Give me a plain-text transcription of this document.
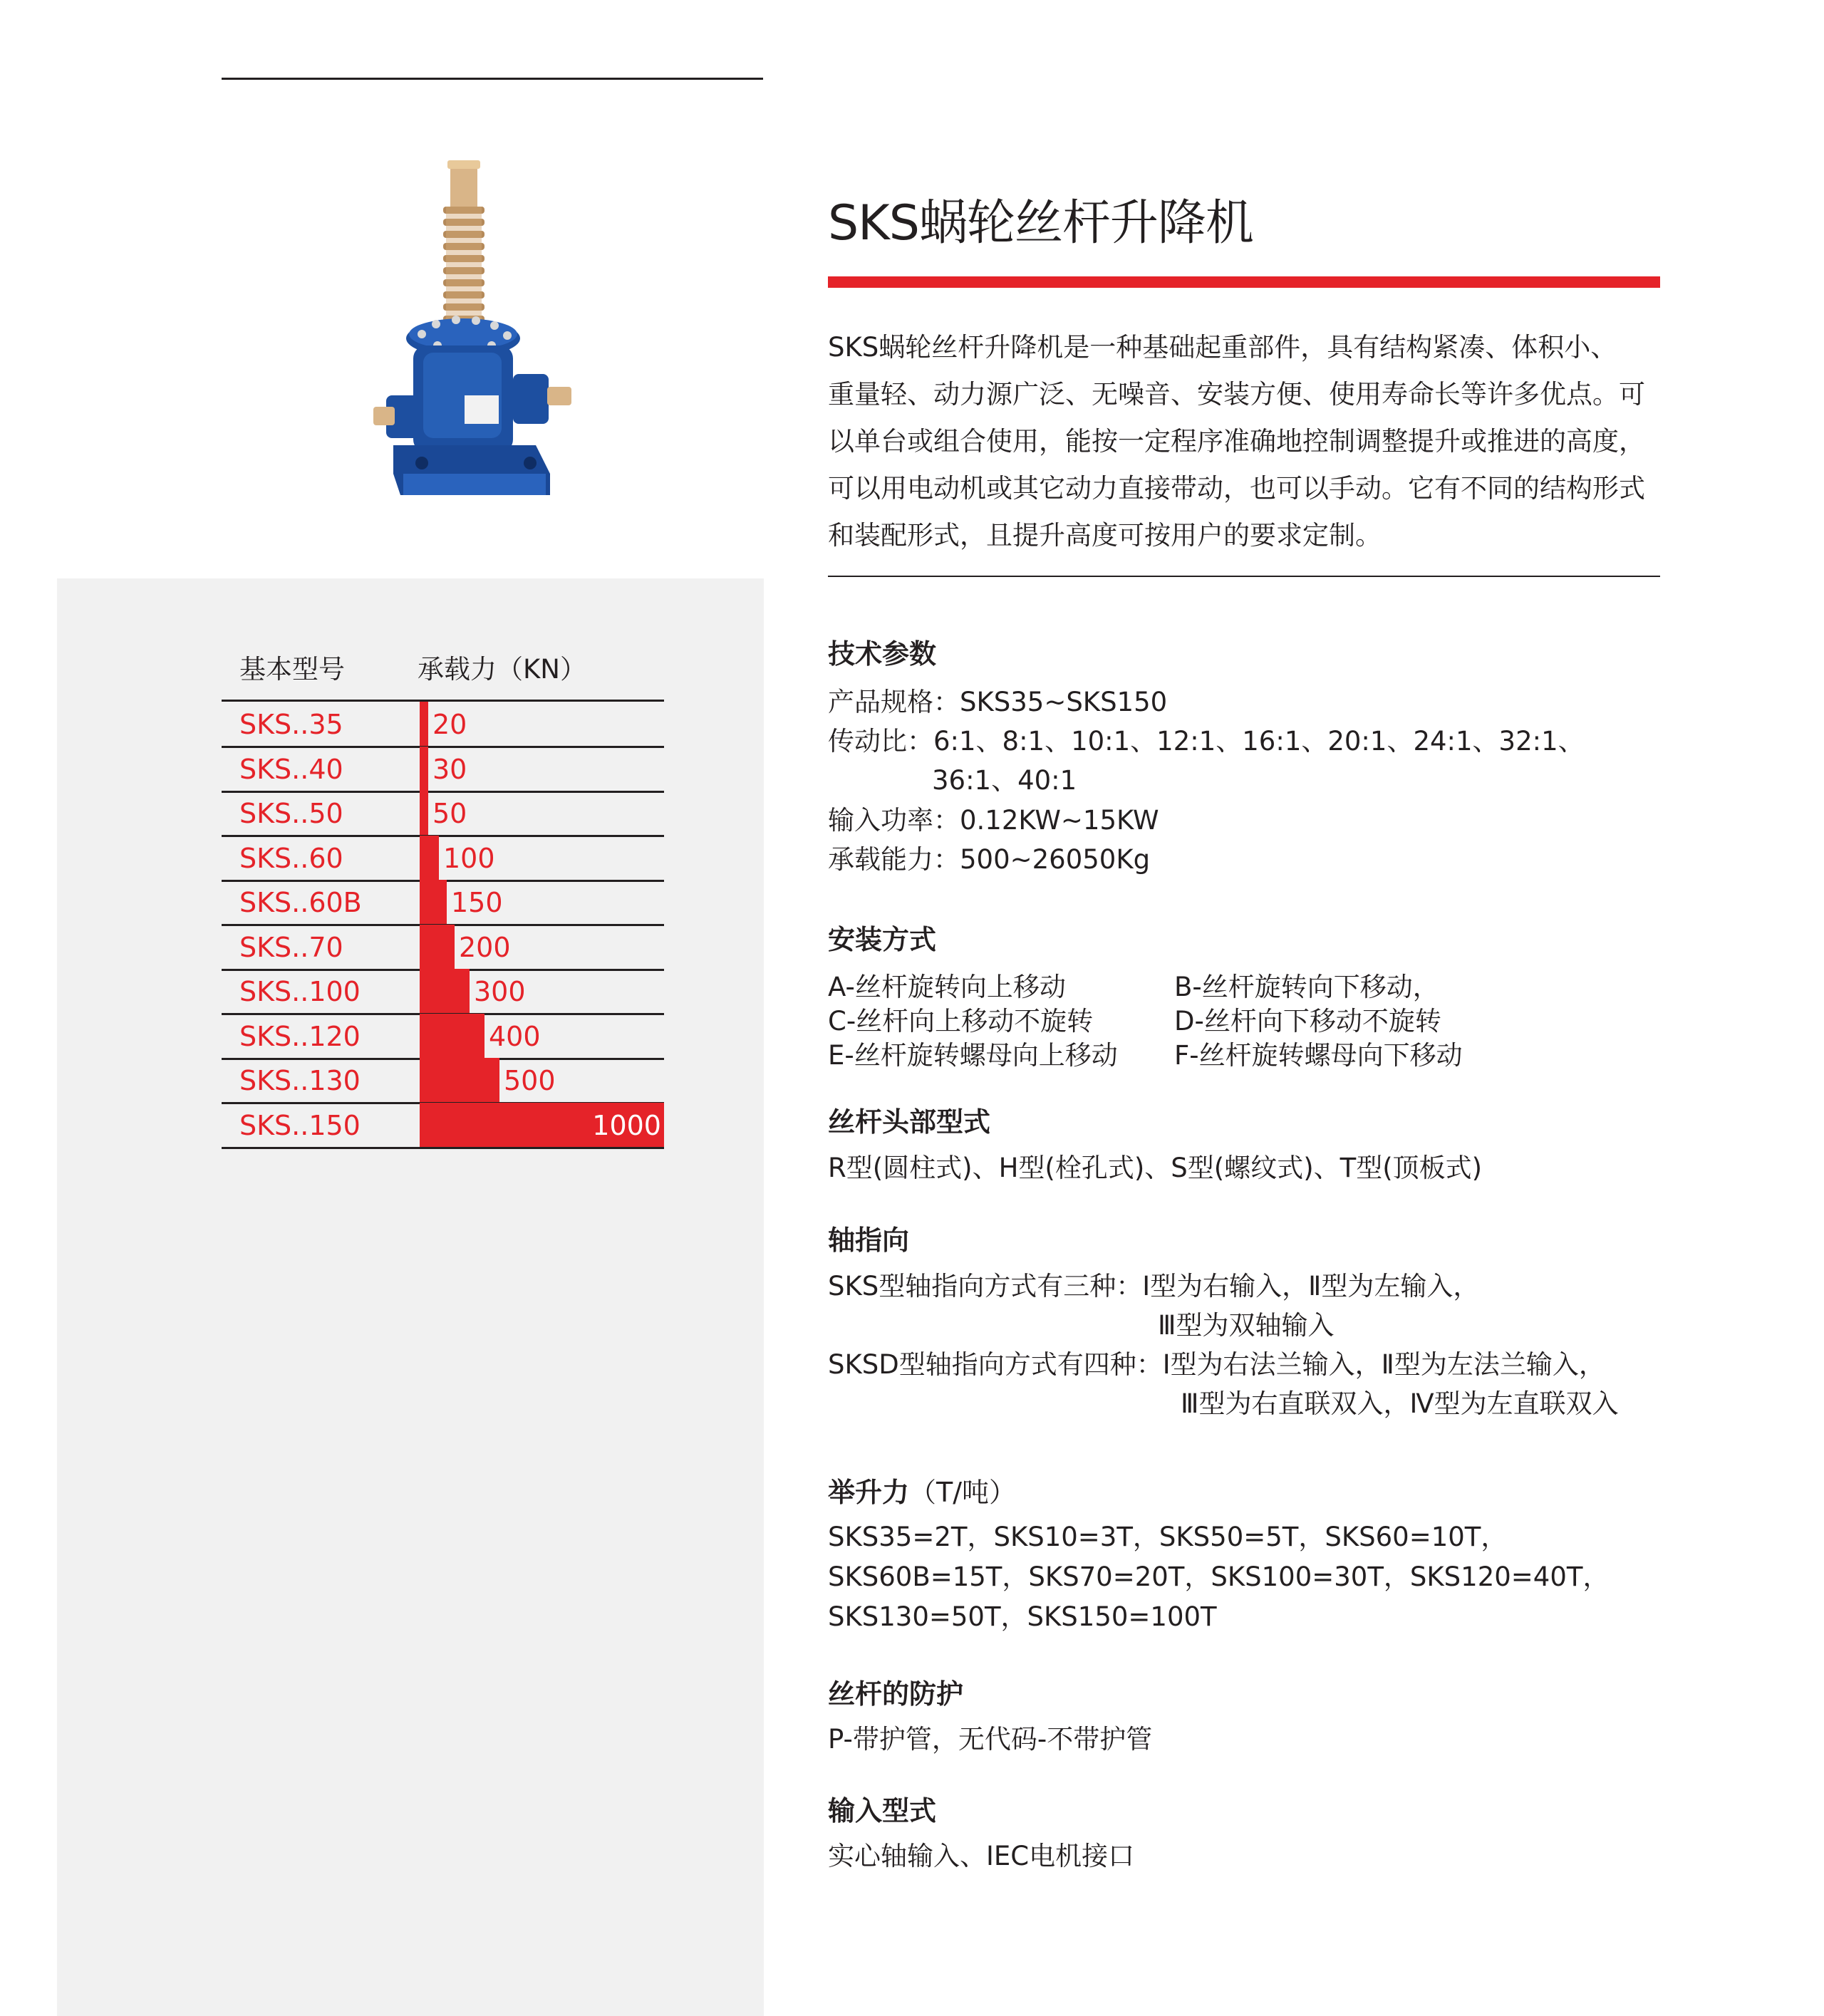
SKS蜗轮丝杆升降机

SKS蜗轮丝杆升降机是一种基础起重部件，具有结构紧凑、体积小、

重量轻、动力源广泛、无噪音、安装方便、使用寿命长等许多优点。可

以单台或组合使用，能按一定程序准确地控制调整提升或推进的高度，

可以用电动机或其它动力直接带动，也可以手动。它有不同的结构形式

和装配形式，且提升高度可按用户的要求定制。

基本型号	承载力（KN）
SKS..35	20
SKS..40	30
SKS..50	50
SKS..60	100
SKS..60B	150
SKS..70	200
SKS..100	300
SKS..120	400
SKS..130	500
SKS..150	1000
技术参数
产品规格：SKS35~SKS150
传动比：6:1、8:1、10:1、12:1、16:1、20:1、24:1、32:1、
36:1、40:1
输入功率：0.12KW~15KW
承载能力：500~26050Kg
安装方式
A-丝杆旋转向上移动	B-丝杆旋转向下移动，
C-丝杆向上移动不旋转	D-丝杆向下移动不旋转
E-丝杆旋转螺母向上移动 F-丝杆旋转螺母向下移动
丝杆头部型式
R型(圆柱式)、H型(栓孔式)、S型(螺纹式)、T型(顶板式)
轴指向
SKS型轴指向方式有三种：Ⅰ型为右输入，Ⅱ型为左输入，
Ⅲ型为双轴输入
SKSD型轴指向方式有四种：Ⅰ型为右法兰输入，Ⅱ型为左法兰输入，
Ⅲ型为右直联双入，Ⅳ型为左直联双入
举升力（T/吨）
SKS35=2T，SKS10=3T，SKS50=5T，SKS60=10T，
SKS60B=15T，SKS70=20T，SKS100=30T，SKS120=40T，
SKS130=50T，SKS150=100T
丝杆的防护
P-带护管，无代码-不带护管
输入型式
实心轴输入、IEC电机接口
